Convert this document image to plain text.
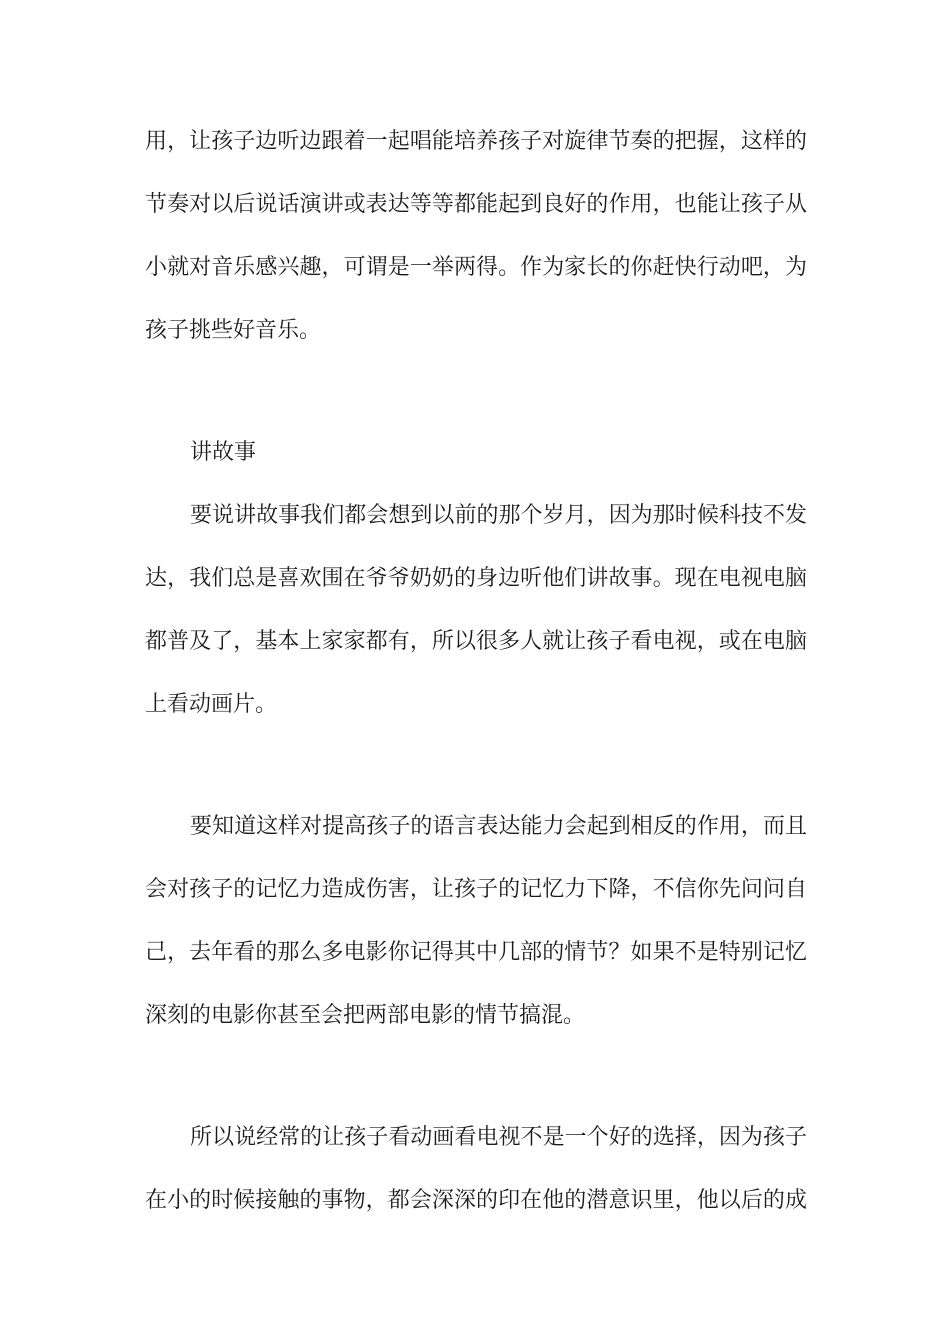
用，让孩子边听边跟着一起唱能培养孩子对旋律节奏的把握，这样的
节奏对以后说话演讲或表达等等都能起到良好的作用，也能让孩子从
小就对音乐感兴趣，可谓是一举两得。作为家长的你赶快行动吧，为
孩子挑些好音乐。
讲故事
要说讲故事我们都会想到以前的那个岁月，因为那时候科技不发
达，我们总是喜欢围在爷爷奶奶的身边听他们讲故事。现在电视电脑
都普及了，基本上家家都有，所以很多人就让孩子看电视，或在电脑
上看动画片。
要知道这样对提高孩子的语言表达能力会起到相反的作用，而且
会对孩子的记忆力造成伤害，让孩子的记忆力下降，不信你先问问自
己，去年看的那么多电影你记得其中几部的情节？如果不是特别记忆
深刻的电影你甚至会把两部电影的情节搞混。
所以说经常的让孩子看动画看电视不是一个好的选择，因为孩子
在小的时候接触的事物，都会深深的印在他的潜意识里，他以后的成
